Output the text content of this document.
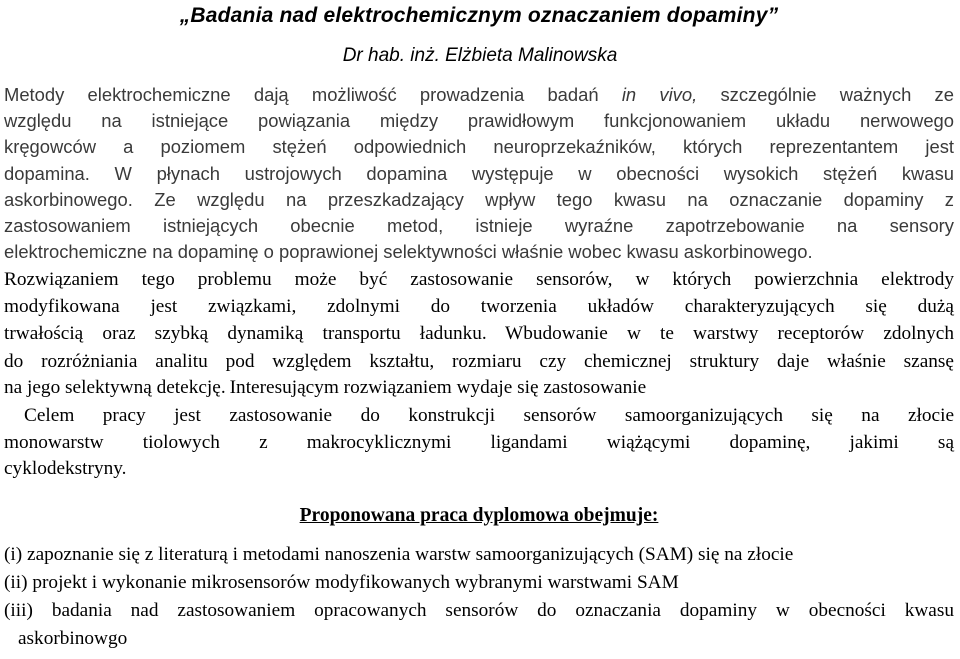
„Badania nad elektrochemicznym oznaczaniem dopaminy”
Dr hab. inż. Elżbieta Malinowska
Metody elektrochemiczne dają możliwość prowadzenia badań in vivo, szczególnie ważnych ze
względu na istniejące powiązania między prawidłowym funkcjonowaniem układu nerwowego
kręgowców a poziomem stężeń odpowiednich neuroprzekaźników, których reprezentantem jest
dopamina. W płynach ustrojowych dopamina występuje w obecności wysokich stężeń kwasu
askorbinowego. Ze względu na przeszkadzający wpływ tego kwasu na oznaczanie dopaminy z
zastosowaniem istniejących obecnie metod, istnieje wyraźne zapotrzebowanie na sensory
elektrochemiczne na dopaminę o poprawionej selektywności właśnie wobec kwasu askorbinowego.
Rozwiązaniem tego problemu może być zastosowanie sensorów, w których powierzchnia elektrody
modyfikowana jest związkami, zdolnymi do tworzenia układów charakteryzujących się dużą
trwałością oraz szybką dynamiką transportu ładunku. Wbudowanie w te warstwy receptorów zdolnych
do rozróżniania analitu pod względem kształtu, rozmiaru czy chemicznej struktury daje właśnie szansę
na jego selektywną detekcję. Interesującym rozwiązaniem wydaje się zastosowanie
Celem pracy jest zastosowanie do konstrukcji sensorów samoorganizujących się na złocie
monowarstw tiolowych z makrocyklicznymi ligandami wiążącymi dopaminę, jakimi są
cyklodekstryny.
Proponowana praca dyplomowa obejmuje:
(i) zapoznanie się z literaturą i metodami nanoszenia warstw samoorganizujących (SAM) się na złocie
(ii) projekt i wykonanie mikrosensorów modyfikowanych wybranymi warstwami SAM
(iii) badania nad zastosowaniem opracowanych sensorów do oznaczania dopaminy w obecności kwasu
askorbinowgo
